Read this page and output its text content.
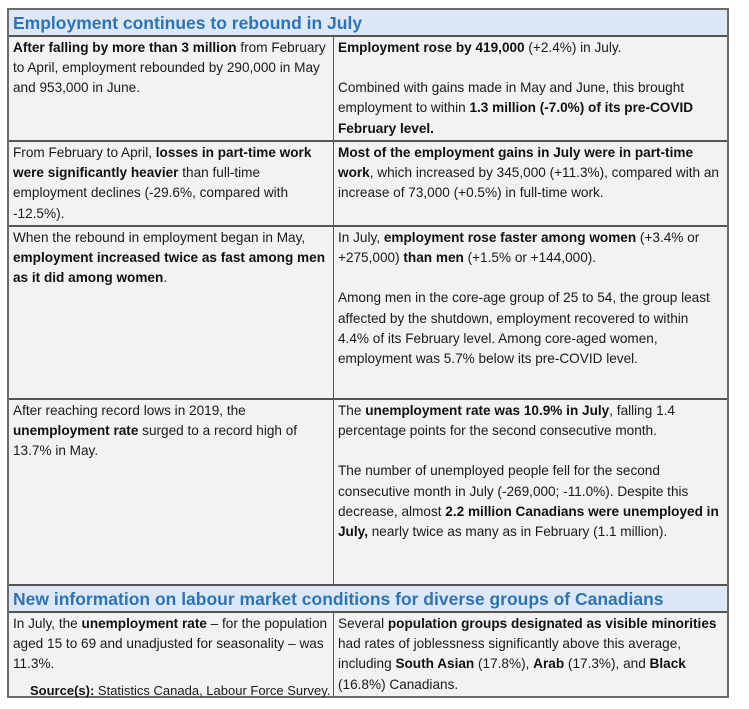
Employment continues to rebound in July

After falling by more than 3 million from February to April, employment rebounded by 290,000 in May and 953,000 in June.

Employment rose by 419,000 (+2.4%) in July.

Combined with gains made in May and June, this brought employment to within 1.3 million (-7.0%) of its pre-COVID February level.

From February to April, losses in part-time work were significantly heavier than full-time employment declines (-29.6%, compared with -12.5%).

Most of the employment gains in July were in part-time work, which increased by 345,000 (+11.3%), compared with an increase of 73,000 (+0.5%) in full-time work.

When the rebound in employment began in May, employment increased twice as fast among men as it did among women.

In July, employment rose faster among women (+3.4% or +275,000) than men (+1.5% or +144,000).

Among men in the core-age group of 25 to 54, the group least affected by the shutdown, employment recovered to within 4.4% of its February level. Among core-aged women, employment was 5.7% below its pre-COVID level.

After reaching record lows in 2019, the unemployment rate surged to a record high of 13.7% in May.

The unemployment rate was 10.9% in July, falling 1.4 percentage points for the second consecutive month.

The number of unemployed people fell for the second consecutive month in July (-269,000; -11.0%). Despite this decrease, almost 2.2 million Canadians were unemployed in July, nearly twice as many as in February (1.1 million).

New information on labour market conditions for diverse groups of Canadians

In July, the unemployment rate – for the population aged 15 to 69 and unadjusted for seasonality – was 11.3%.

Several population groups designated as visible minorities had rates of joblessness significantly above this average, including South Asian (17.8%), Arab (17.3%), and Black (16.8%) Canadians.

Source(s): Statistics Canada, Labour Force Survey.
